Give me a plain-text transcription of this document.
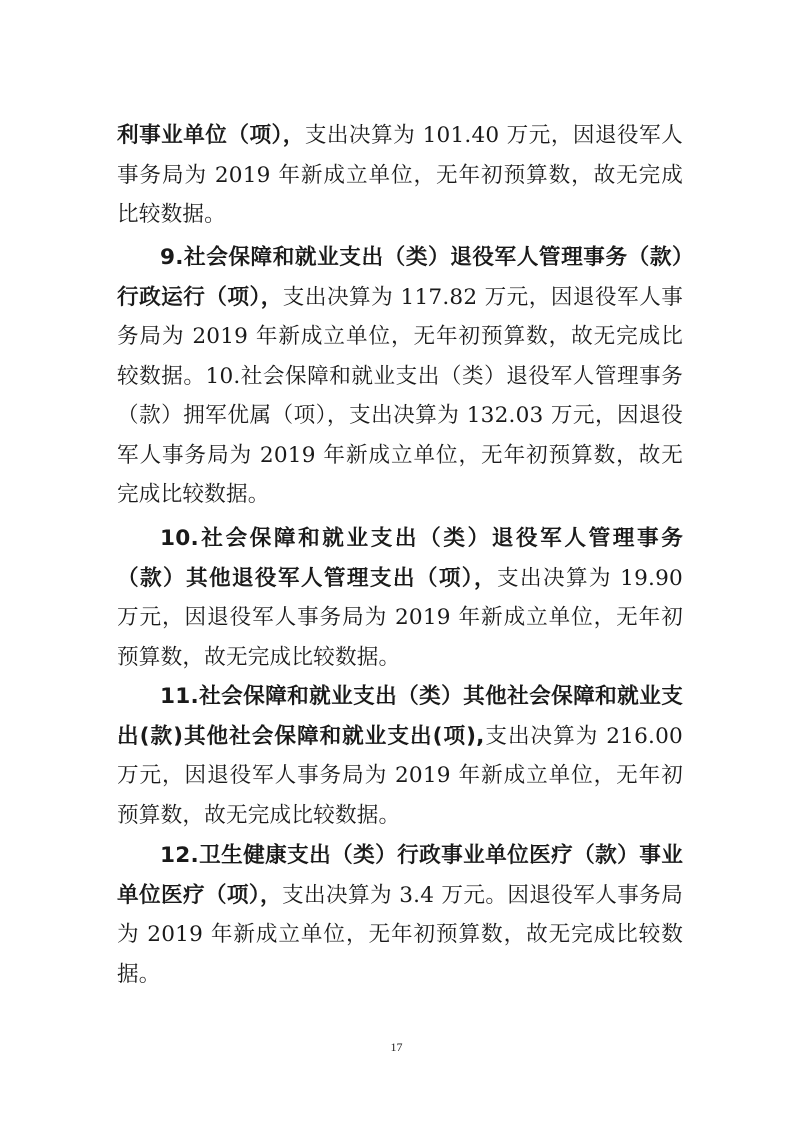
利事业单位（项），支出决算为 101.40 万元，因退役军人事务局为 2019 年新成立单位，无年初预算数，故无完成比较数据。

9.社会保障和就业支出（类）退役军人管理事务（款）行政运行（项），支出决算为 117.82 万元，因退役军人事务局为 2019 年新成立单位，无年初预算数，故无完成比较数据。10.社会保障和就业支出（类）退役军人管理事务（款）拥军优属（项），支出决算为 132.03 万元，因退役军人事务局为 2019 年新成立单位，无年初预算数，故无完成比较数据。

10.社会保障和就业支出（类）退役军人管理事务（款）其他退役军人管理支出（项），支出决算为 19.90 万元，因退役军人事务局为 2019 年新成立单位，无年初预算数，故无完成比较数据。

11.社会保障和就业支出（类）其他社会保障和就业支出(款)其他社会保障和就业支出(项),支出决算为 216.00 万元，因退役军人事务局为 2019 年新成立单位，无年初预算数，故无完成比较数据。

12.卫生健康支出（类）行政事业单位医疗（款）事业单位医疗（项），支出决算为 3.4 万元。因退役军人事务局为 2019 年新成立单位，无年初预算数，故无完成比较数据。

17
